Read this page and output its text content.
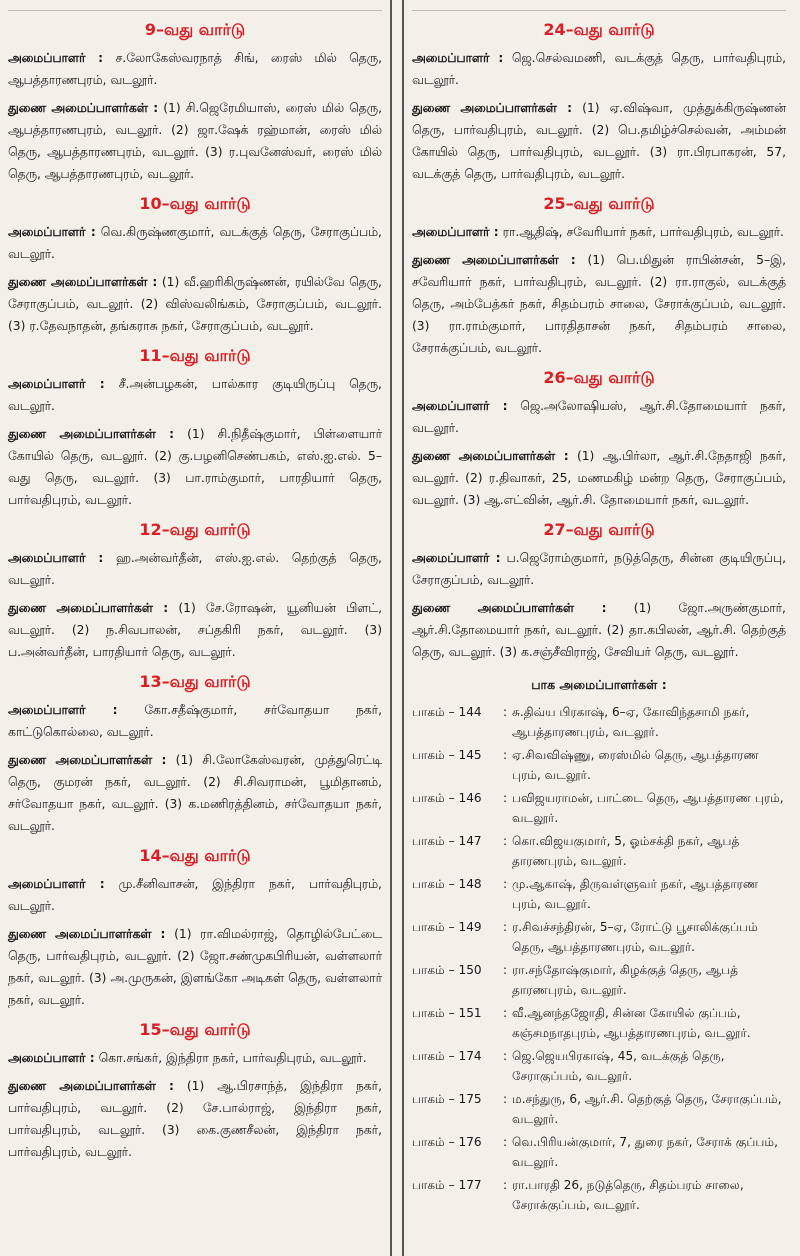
9–வது வார்டு

அமைப்பாளர் : ச.லோகேஸ்வரநாத் சிங், ரைஸ் மில் தெரு, ஆபத்தாரணபுரம், வடலூர்.

துணை அமைப்பாளர்கள் : (1) சி.ஜெரேமியாஸ், ரைஸ் மில் தெரு, ஆபத்தாரணபுரம், வடலூர். (2) ஜா.ஷேக் ரஹ்மான், ரைஸ் மில் தெரு, ஆபத்தாரணபுரம், வடலூர். (3) ர.புவனேஸ்வர், ரைஸ் மில் தெரு, ஆபத்தாரணபுரம், வடலூர்.

10–வது வார்டு

அமைப்பாளர் : வெ.கிருஷ்ணகுமார், வடக்குத் தெரு, சேராகுப்பம், வடலூர்.

துணை அமைப்பாளர்கள் : (1) வீ.ஹரிகிருஷ்ணன், ரயில்வே தெரு, சேராகுப்பம், வடலூர். (2) விஸ்வலிங்கம், சேராகுப்பம், வடலூர். (3) ர.தேவநாதன், தங்கராசு நகர், சேராகுப்பம், வடலூர்.

11–வது வார்டு

அமைப்பாளர் : சீ.அன்பழகன், பால்கார குடியிருப்பு தெரு, வடலூர்.

துணை அமைப்பாளர்கள் : (1) சி.நிதீஷ்குமார், பிள்ளையார் கோயில் தெரு, வடலூர். (2) கு.பழனிசெண்பகம், எஸ்.ஐ.எல். 5–வது தெரு, வடலூர். (3) பா.ராம்குமார், பாரதியார் தெரு, பார்வதிபுரம், வடலூர்.

12–வது வார்டு

அமைப்பாளர் : ஹ.அன்வர்தீன், எஸ்.ஐ.எல். தெற்குத் தெரு, வடலூர்.

துணை அமைப்பாளர்கள் : (1) சே.ரோஷன், யூனியன் பிளட், வடலூர். (2) ந.சிவபாலன், சப்தகிரி நகர், வடலூர். (3) ப.அன்வர்தீன், பாரதியார் தெரு, வடலூர்.

13–வது வார்டு

அமைப்பாளர் : கோ.சதீஷ்குமார், சர்வோதயா நகர், காட்டுகொல்லை, வடலூர்.

துணை அமைப்பாளர்கள் : (1) சி.லோகேஸ்வரன், முத்துரெட்டி தெரு, குமரன் நகர், வடலூர். (2) சி.சிவராமன், பூமிதானம், சர்வோதயா நகர், வடலூர். (3) க.மணிரத்தினம், சர்வோதயா நகர், வடலூர்.

14–வது வார்டு

அமைப்பாளர் : மு.சீனிவாசன், இந்திரா நகர், பார்வதிபுரம், வடலூர்.

துணை அமைப்பாளர்கள் : (1) ரா.விமல்ராஜ், தொழில்பேட்டை தெரு, பார்வதிபுரம், வடலூர். (2) ஜோ.சண்முகபிரியன், வள்ளலார் நகர், வடலூர். (3) அ.முருகன், இளங்கோ அடிகள் தெரு, வள்ளலார் நகர், வடலூர்.

15–வது வார்டு

அமைப்பாளர் : கொ.சங்கர், இந்திரா நகர், பார்வதிபுரம், வடலூர்.

துணை அமைப்பாளர்கள் : (1) ஆ.பிரசாந்த், இந்திரா நகர், பார்வதிபுரம், வடலூர். (2) சே.பால்ராஜ், இந்திரா நகர், பார்வதிபுரம், வடலூர். (3) கை.குணசீலன், இந்திரா நகர், பார்வதிபுரம், வடலூர்.

24–வது வார்டு

அமைப்பாளர் : ஜெ.செல்வமணி, வடக்குத் தெரு, பார்வதிபுரம், வடலூர்.

துணை அமைப்பாளர்கள் : (1) ஏ.விஷ்வா, முத்துக்கிருஷ்ணன் தெரு, பார்வதிபுரம், வடலூர். (2) பெ.தமிழ்ச்செல்வன், அம்மன் கோயில் தெரு, பார்வதிபுரம், வடலூர். (3) ரா.பிரபாகரன், 57, வடக்குத் தெரு, பார்வதிபுரம், வடலூர்.

25–வது வார்டு

அமைப்பாளர் : ரா.ஆதிஷ், சவேரியார் நகர், பார்வதிபுரம், வடலூர்.

துணை அமைப்பாளர்கள் : (1) பெ.மிதுன் ராபின்சன், 5–இ, சவேரியார் நகர், பார்வதிபுரம், வடலூர். (2) ரா.ராகுல், வடக்குத் தெரு, அம்பேத்கர் நகர், சிதம்பரம் சாலை, சேராக்குப்பம், வடலூர். (3) ரா.ராம்குமார், பாரதிதாசன் நகர், சிதம்பரம் சாலை, சேராக்குப்பம், வடலூர்.

26–வது வார்டு

அமைப்பாளர் : ஜெ.அலோஷியஸ், ஆர்.சி.தோமையார் நகர், வடலூர்.

துணை அமைப்பாளர்கள் : (1) ஆ.பிர்லா, ஆர்.சி.நேதாஜி நகர், வடலூர். (2) ர.திவாகர், 25, மணமகிழ் மன்ற தெரு, சேராகுப்பம், வடலூர். (3) ஆ.எட்வின், ஆர்.சி. தோமையார் நகர், வடலூர்.

27–வது வார்டு

அமைப்பாளர் : ப.ஜெரோம்குமார், நடுத்தெரு, சின்ன குடியிருப்பு, சேராகுப்பம், வடலூர்.

துணை அமைப்பாளர்கள் : (1) ஜோ.அருண்குமார், ஆர்.சி.தோமையார் நகர், வடலூர். (2) தா.கபிலன், ஆர்.சி. தெற்குத் தெரு, வடலூர். (3) க.சஞ்சீவிராஜ், சேவியர் தெரு, வடலூர்.

பாக அமைப்பாளர்கள் :
பாகம் – 144	: சு.திவ்ய பிரகாஷ், 6–ஏ, கோவிந்தசாமி நகர், ஆபத்தாரணபுரம், வடலூர்.
பாகம் – 145	: ஏ.சிவவிஷ்ணு, ரைஸ்மில் தெரு, ஆபத்தாரண புரம், வடலூர்.
பாகம் – 146	: பவிஜயராமன், பாட்டை தெரு, ஆபத்தாரண புரம், வடலூர்.
பாகம் – 147	: கொ.விஜயகுமார், 5, ஓம்சக்தி நகர், ஆபத் தாரணபுரம், வடலூர்.
பாகம் – 148	: மு.ஆகாஷ், திருவள்ளுவர் நகர், ஆபத்தாரண புரம், வடலூர்.
பாகம் – 149	: ர.சிவச்சந்திரன், 5–ஏ, ரோட்டு பூசாலிக்குப்பம் தெரு, ஆபத்தாரணபுரம், வடலூர்.
பாகம் – 150	: ரா.சந்தோஷ்குமார், கிழக்குத் தெரு, ஆபத் தாரணபுரம், வடலூர்.
பாகம் – 151	: வீ.ஆனந்தஜோதி, சின்ன கோயில் குப்பம், கஞ்சமநாதபுரம், ஆபத்தாரணபுரம், வடலூர்.
பாகம் – 174	: ஜெ.ஜெயபிரகாஷ், 45, வடக்குத் தெரு, சேராகுப்பம், வடலூர்.
பாகம் – 175	: ம.சந்துரு, 6, ஆர்.சி. தெற்குத் தெரு, சேராகுப்பம், வடலூர்.
பாகம் – 176	: வெ.பிரியன்குமார், 7, துரை நகர், சேராக் குப்பம், வடலூர்.
பாகம் – 177	: ரா.பாரதி 26, நடுத்தெரு, சிதம்பரம் சாலை, சேராக்குப்பம், வடலூர்.
